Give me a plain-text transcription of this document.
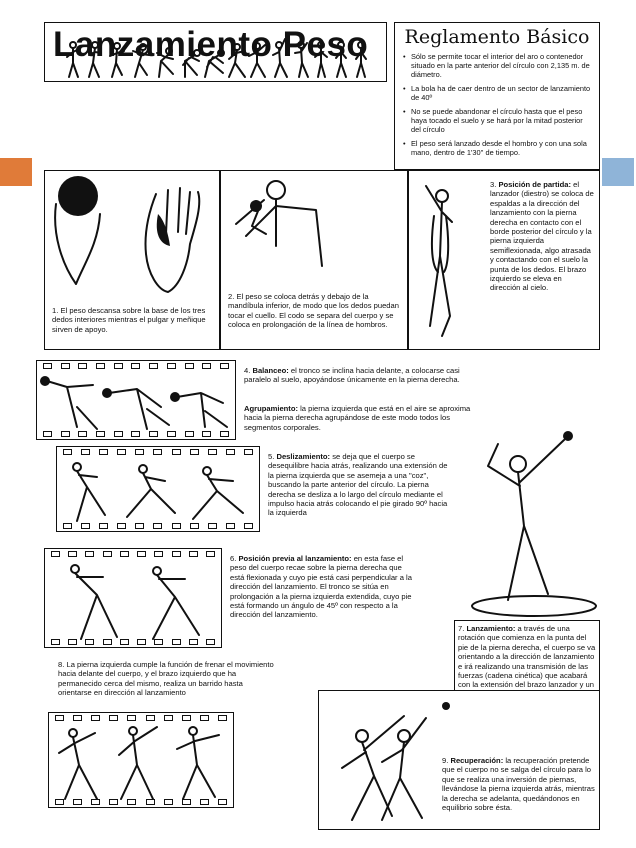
Lanzamiento Peso	Reglamento Básico
• Sólo se permite tocar el interior del aro o contenedor situado en la parte anterior del círculo con 2,135 m. de diámetro.
• La bola ha de caer dentro de un sector de lanzamiento de 40º
• No se puede abandonar el círculo hasta que el peso haya tocado el suelo y se hará por la mitad posterior del círculo
• El peso será lanzado desde el hombro y con una sola mano, dentro de 1'30'' de tiempo.
1. El peso descansa sobre la base de los tres dedos interiores mientras el pulgar y meñique sirven de apoyo.
2. El peso se coloca detrás y debajo de la mandíbula inferior, de modo que los dedos puedan tocar el cuello. El codo se separa del cuerpo y se coloca en prolongación de la línea de hombros.
3. Posición de partida: el lanzador (diestro) se coloca de espaldas a la dirección del lanzamiento con la pierna derecha en contacto con el borde posterior del círculo y la pierna izquierda semiflexionada, algo atrasada y contactando con el suelo la punta de los dedos. El brazo izquierdo se eleva en dirección al cielo.
4. Balanceo: el tronco se inclina hacia delante, a colocarse casi paralelo al suelo, apoyándose únicamente en la pierna derecha.
Agrupamiento: la pierna izquierda que está en el aire se aproxima hacia la pierna derecha agrupándose de este modo todos los segmentos corporales.
5. Deslizamiento: se deja que el cuerpo se desequilibre hacia atrás, realizando una extensión de la pierna izquierda que se asemeja a una "coz", buscando la parte anterior del círculo. La pierna derecha se desliza a lo largo del círculo mediante el impulso hacia atrás colocando el pie girado 90º hacia la izquierda
6. Posición previa al lanzamiento: en esta fase el peso del cuerpo recae sobre la pierna derecha que está flexionada y cuyo pie está casi perpendicular a la dirección del lanzamiento. El tronco se sitúa en prolongación a la pierna izquierda extendida, cuyo pie está formando un ángulo de 45º con respecto a la dirección del lanzamiento.
7. Lanzamiento: a través de una rotación que comienza en la punta del pie de la pierna derecha, el cuerpo se va orientando a la dirección de lanzamiento e irá realizando una transmisión de las fuerzas (cadena cinética) que acabará con la extensión del brazo lanzador y un
8. La pierna izquierda cumple la función de frenar el movimiento hacia delante del cuerpo, y el brazo izquierdo que ha permanecido cerca del mismo, realiza un barrido hasta orientarse en dirección al lanzamiento
9. Recuperación: la recuperación pretende que el cuerpo no se salga del círculo para lo que se realiza una inversión de piernas, llevándose la pierna izquierda atrás, mientras la derecha se adelanta, quedándonos en equilibrio sobre ésta.
